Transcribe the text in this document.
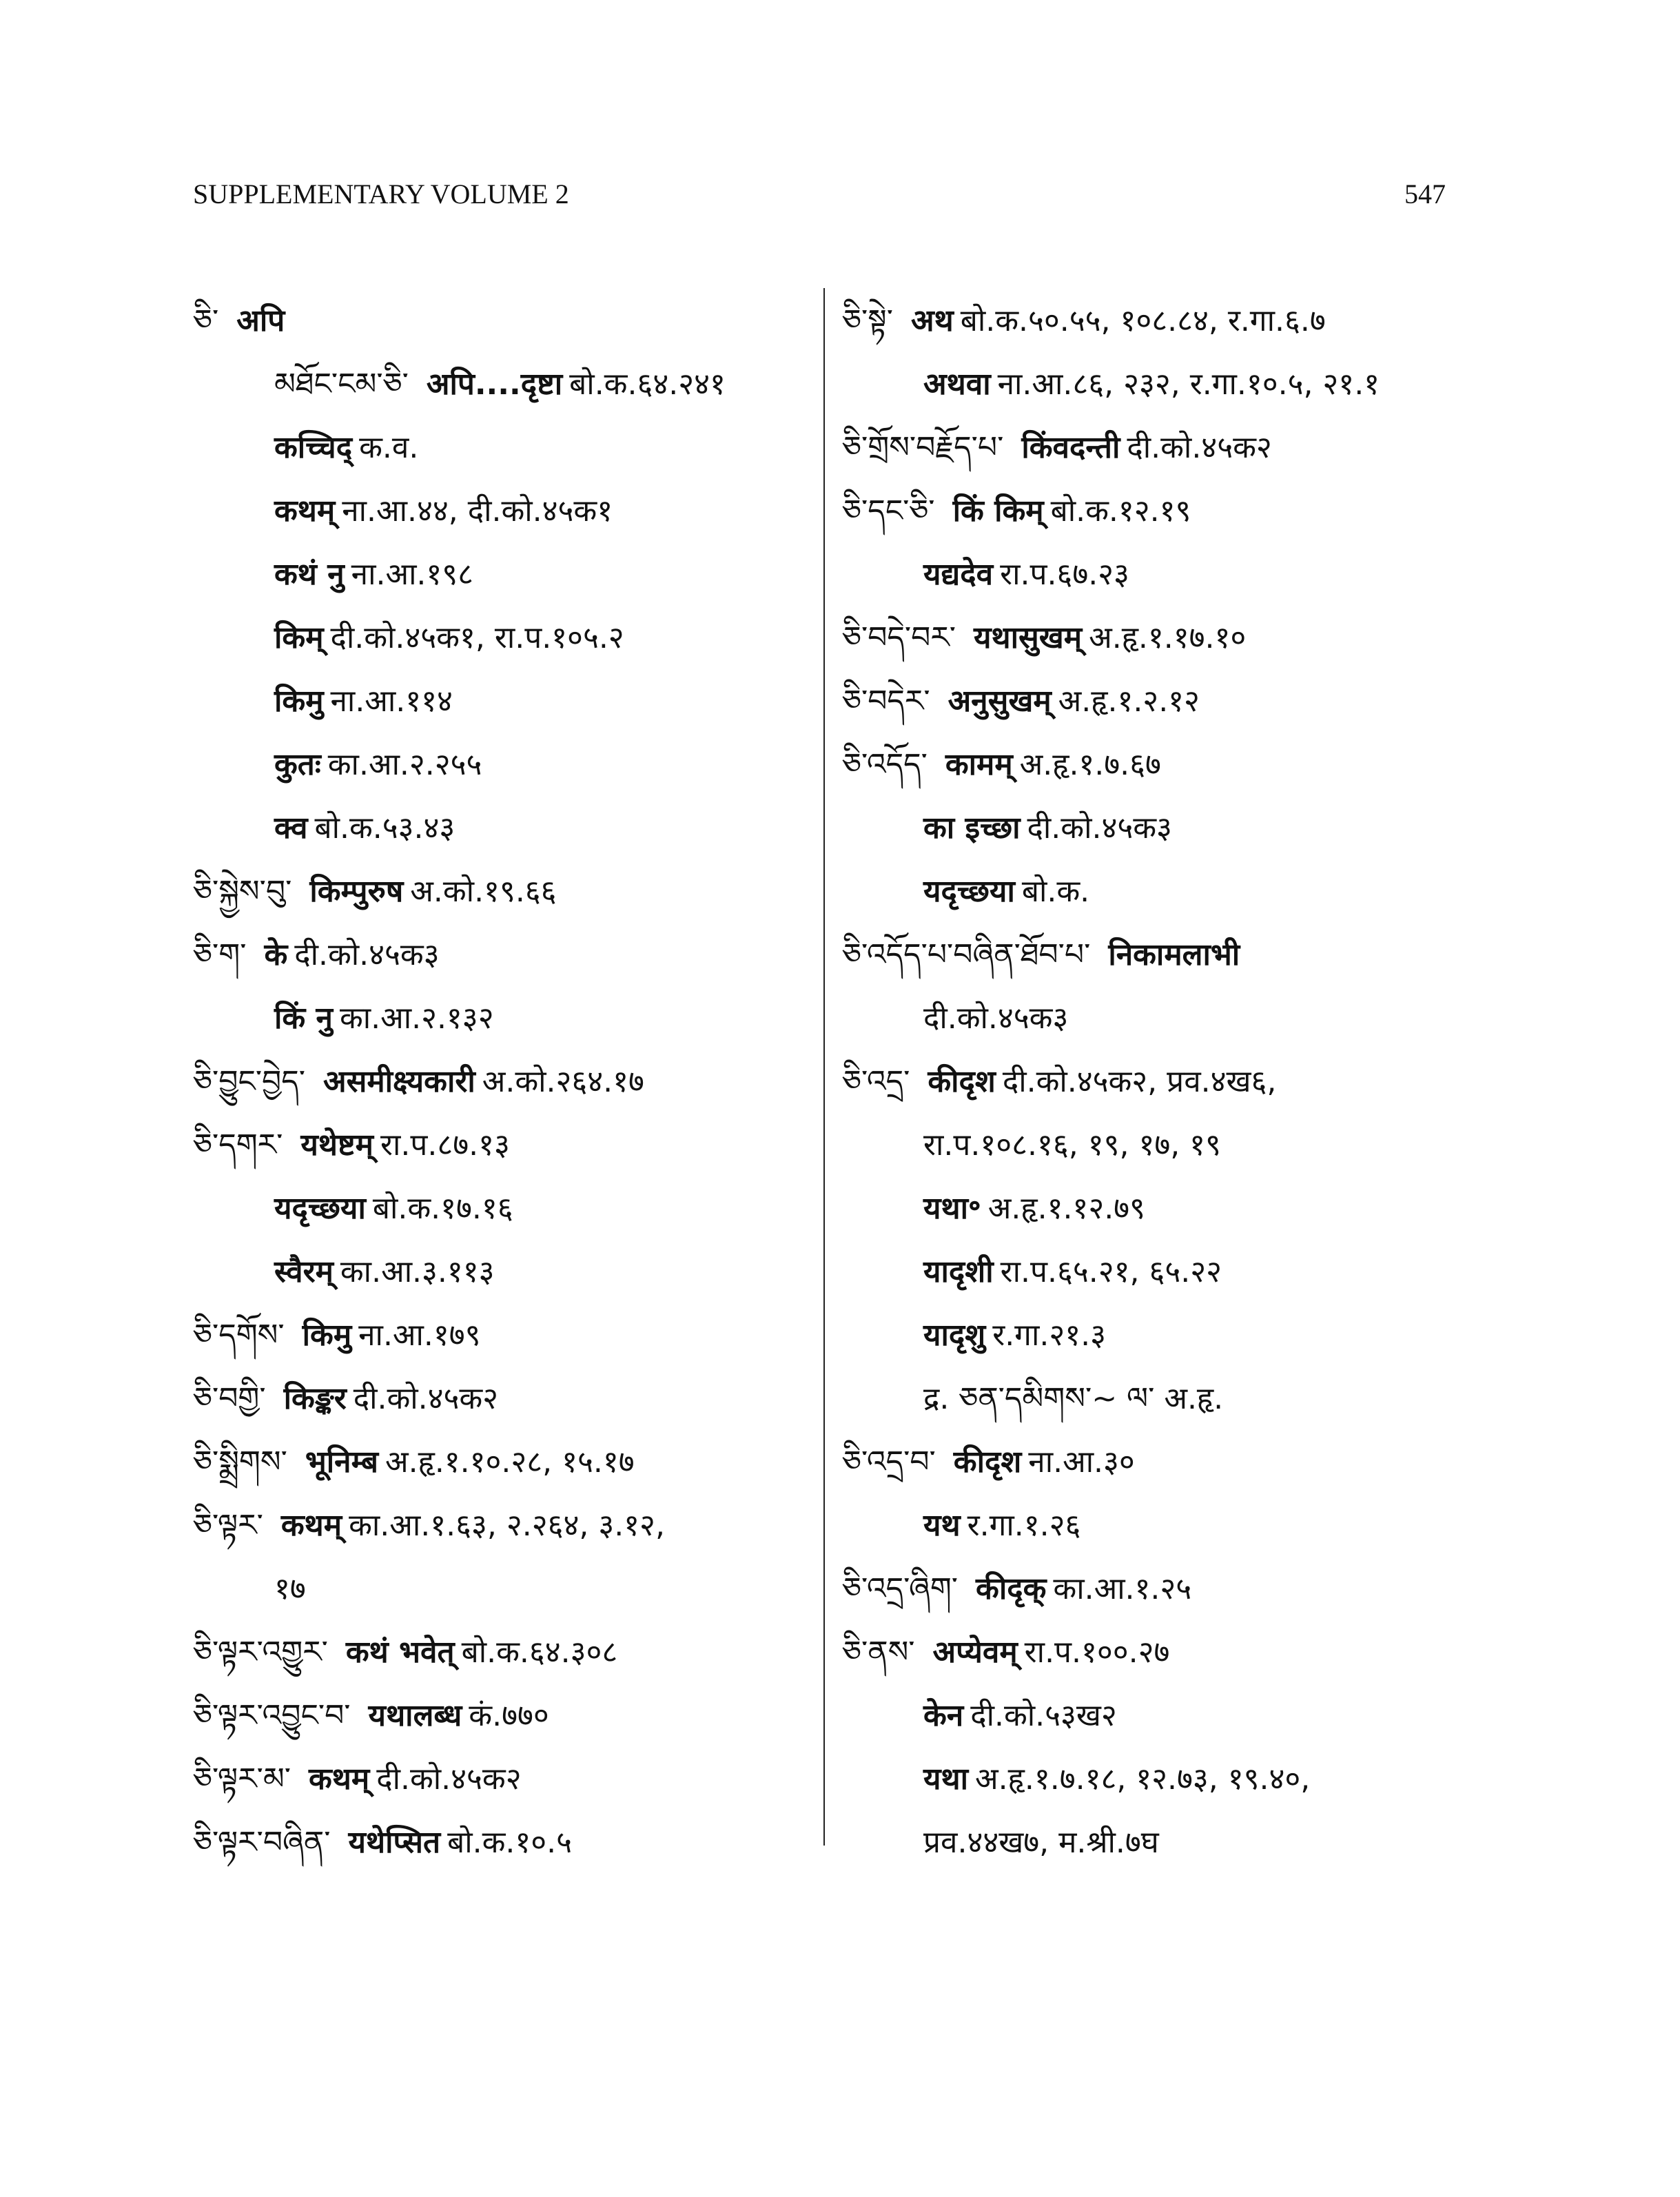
SUPPLEMENTARY VOLUME 2	547
ཅི་ अपि
མཐོང་ངམ་ཅི་ अपि....दृष्टा बो.क.६४.२४१
कच्चिद् क.व.
कथम् ना.आ.४४, दी.को.४५क१
कथं नु ना.आ.१९८
किम् दी.को.४५क१, रा.प.१०५.२
किमु ना.आ.११४
कुतः का.आ.२.२५५
क्व बो.क.५३.४३
ཅི་སྐྱེས་བུ་ किम्पुरुष अ.को.१९.६६
ཅི་ག་ के दी.को.४५क३
किं नु का.आ.२.१३२
ཅི་བྱུང་བྱེད་ असमीक्ष्यकारी अ.को.२६४.१७
ཅི་དགར་ यथेष्टम् रा.प.८७.१३
यदृच्छया बो.क.१७.१६
स्वैरम् का.आ.३.११३
ཅི་དགོས་ किमु ना.आ.१७९
ཅི་བགྱི་ किङ्कर दी.को.४५क२
ཅི་སྨྲིགས་ भूनिम्ब अ.हृ.१.१०.२८, १५.१७
ཅི་ལྟར་ कथम् का.आ.१.६३, २.२६४, ३.१२,
१७
ཅི་ལྟར་འགྱུར་ कथं भवेत् बो.क.६४.३०८
ཅི་ལྟར་འབྱུང་བ་ यथालब्ध कं.७७०
ཅི་ལྟར་མ་ कथम् दी.को.४५क२
ཅི་ལྟར་བཞིན་ यथेप्सित बो.क.१०.५
ཅི་སྟེ་ अथ बो.क.५०.५५, १०८.८४, र.गा.६.७
अथवा ना.आ.८६, २३२, र.गा.१०.५, २१.१
ཅི་གྲོས་བརྗོད་པ་ किंवदन्ती दी.को.४५क२
ཅི་དང་ཅི་ किं किम् बो.क.१२.१९
यद्यदेव रा.प.६७.२३
ཅི་བདེ་བར་ यथासुखम् अ.हृ.१.१७.१०
ཅི་བདེར་ अनुसुखम् अ.हृ.१.२.१२
ཅི་འདོད་ कामम् अ.हृ.१.७.६७
का इच्छा दी.को.४५क३
यदृच्छया बो.क.
ཅི་འདོད་པ་བཞིན་ཐོབ་པ་ निकामलाभी
दी.को.४५क३
ཅི་འདྲ་ कीदृश दी.को.४५क२, प्रव.४ख६,
रा.प.१०८.१६, १९, १७, १९
यथा॰ अ.हृ.१.१२.७९
यादृशी रा.प.६५.२१, ६५.२२
यादृशु र.गा.२१.३
द्र. ཅན་དམིགས་~ ལ་ अ.हृ.
ཅི་འདྲ་བ་ कीदृश ना.आ.३०
यथ र.गा.१.२६
ཅི་འདྲ་ཞིག་ कीदृक् का.आ.१.२५
ཅི་ནས་ अप्येवम् रा.प.१००.२७
केन दी.को.५३ख२
यथा अ.हृ.१.७.१८, १२.७३, १९.४०,
प्रव.४४ख७, म.श्री.७घ
